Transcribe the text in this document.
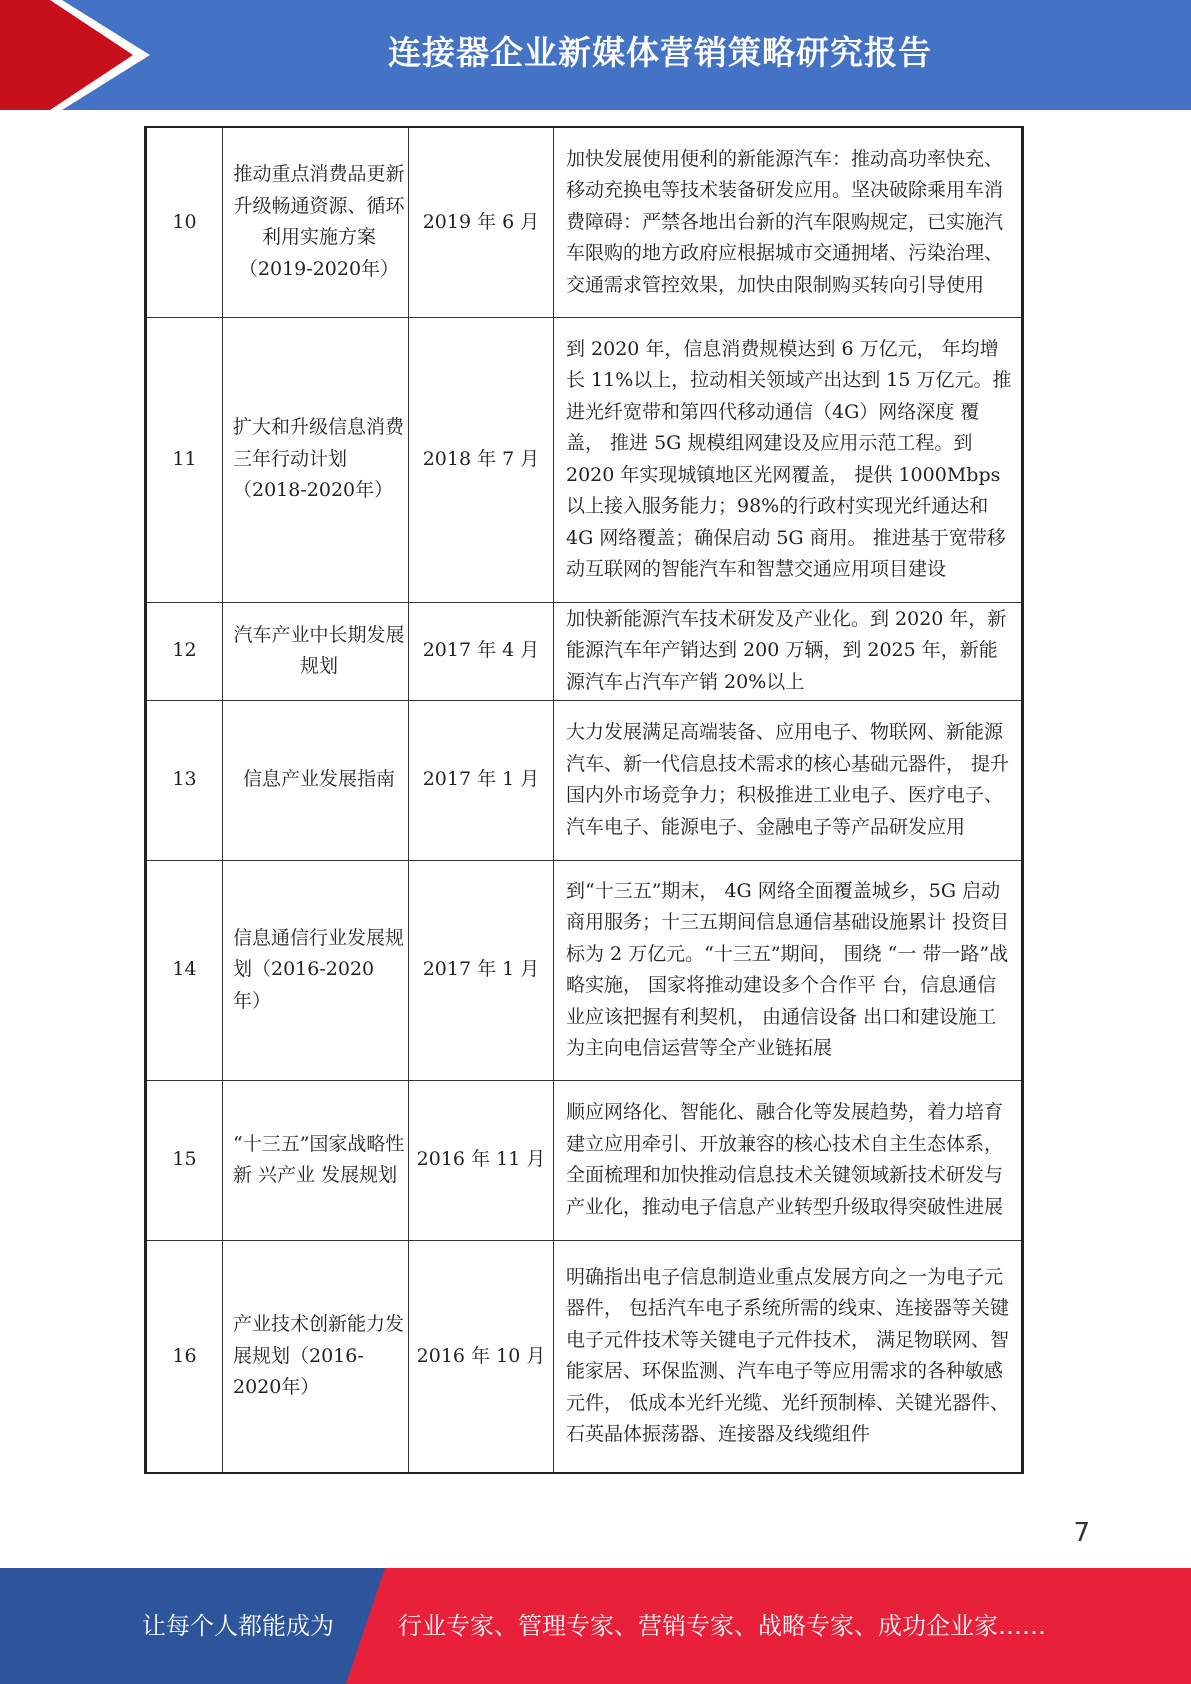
连接器企业新媒体营销策略研究报告
10	推动重点消费品更新升级畅通资源、循环利用实施方案（2019-2020年）	2019 年 6 月	加快发展使用便利的新能源汽车：推动高功率快充、移动充换电等技术装备研发应用。坚决破除乘用车消费障碍：严禁各地出台新的汽车限购规定，已实施汽车限购的地方政府应根据城市交通拥堵、污染治理、交通需求管控效果，加快由限制购买转向引导使用
11	扩大和升级信息消费三年行动计划（2018-2020年）	2018 年 7 月	到 2020 年，信息消费规模达到 6 万亿元， 年均增长 11%以上，拉动相关领域产出达到 15 万亿元。推进光纤宽带和第四代移动通信（4G）网络深度 覆盖， 推进 5G 规模组网建设及应用示范工程。到 2020 年实现城镇地区光网覆盖， 提供 1000Mbps 以上接入服务能力；98%的行政村实现光纤通达和 4G 网络覆盖；确保启动 5G 商用。 推进基于宽带移 动互联网的智能汽车和智慧交通应用项目建设
12	汽车产业中长期发展规划	2017 年 4 月	加快新能源汽车技术研发及产业化。到 2020 年，新能源汽车年产销达到 200 万辆，到 2025 年，新能源汽车占汽车产销 20%以上
13	信息产业发展指南	2017 年 1 月	大力发展满足高端装备、应用电子、物联网、新能源汽车、新一代信息技术需求的核心基础元器件， 提升国内外市场竞争力；积极推进工业电子、医疗电子、汽车电子、能源电子、金融电子等产品研发应用
14	信息通信行业发展规划（2016-2020 年）	2017 年 1 月	到“十三五”期末， 4G 网络全面覆盖城乡，5G 启动商用服务；十三五期间信息通信基础设施累计 投资目标为 2 万亿元。“十三五”期间， 围绕 “一 带一路”战略实施， 国家将推动建设多个合作平 台，信息通信业应该把握有利契机， 由通信设备 出口和建设施工为主向电信运营等全产业链拓展
15	“十三五”国家战略性新 兴产业 发展规划	2016 年 11 月	顺应网络化、智能化、融合化等发展趋势，着力培育建立应用牵引、开放兼容的核心技术自主生态体系，全面梳理和加快推动信息技术关键领域新技术研发与产业化，推动电子信息产业转型升级取得突破性进展
16	产业技术创新能力发展规划（2016-2020年）	2016 年 10 月	明确指出电子信息制造业重点发展方向之一为电子元器件， 包括汽车电子系统所需的线束、连接器等关键电子元件技术等关键电子元件技术， 满足物联网、智能家居、环保监测、汽车电子等应用需求的各种敏感元件， 低成本光纤光缆、光纤预制棒、关键光器件、石英晶体振荡器、连接器及线缆组件
7
让每个人都能成为	行业专家、管理专家、营销专家、战略专家、成功企业家……
